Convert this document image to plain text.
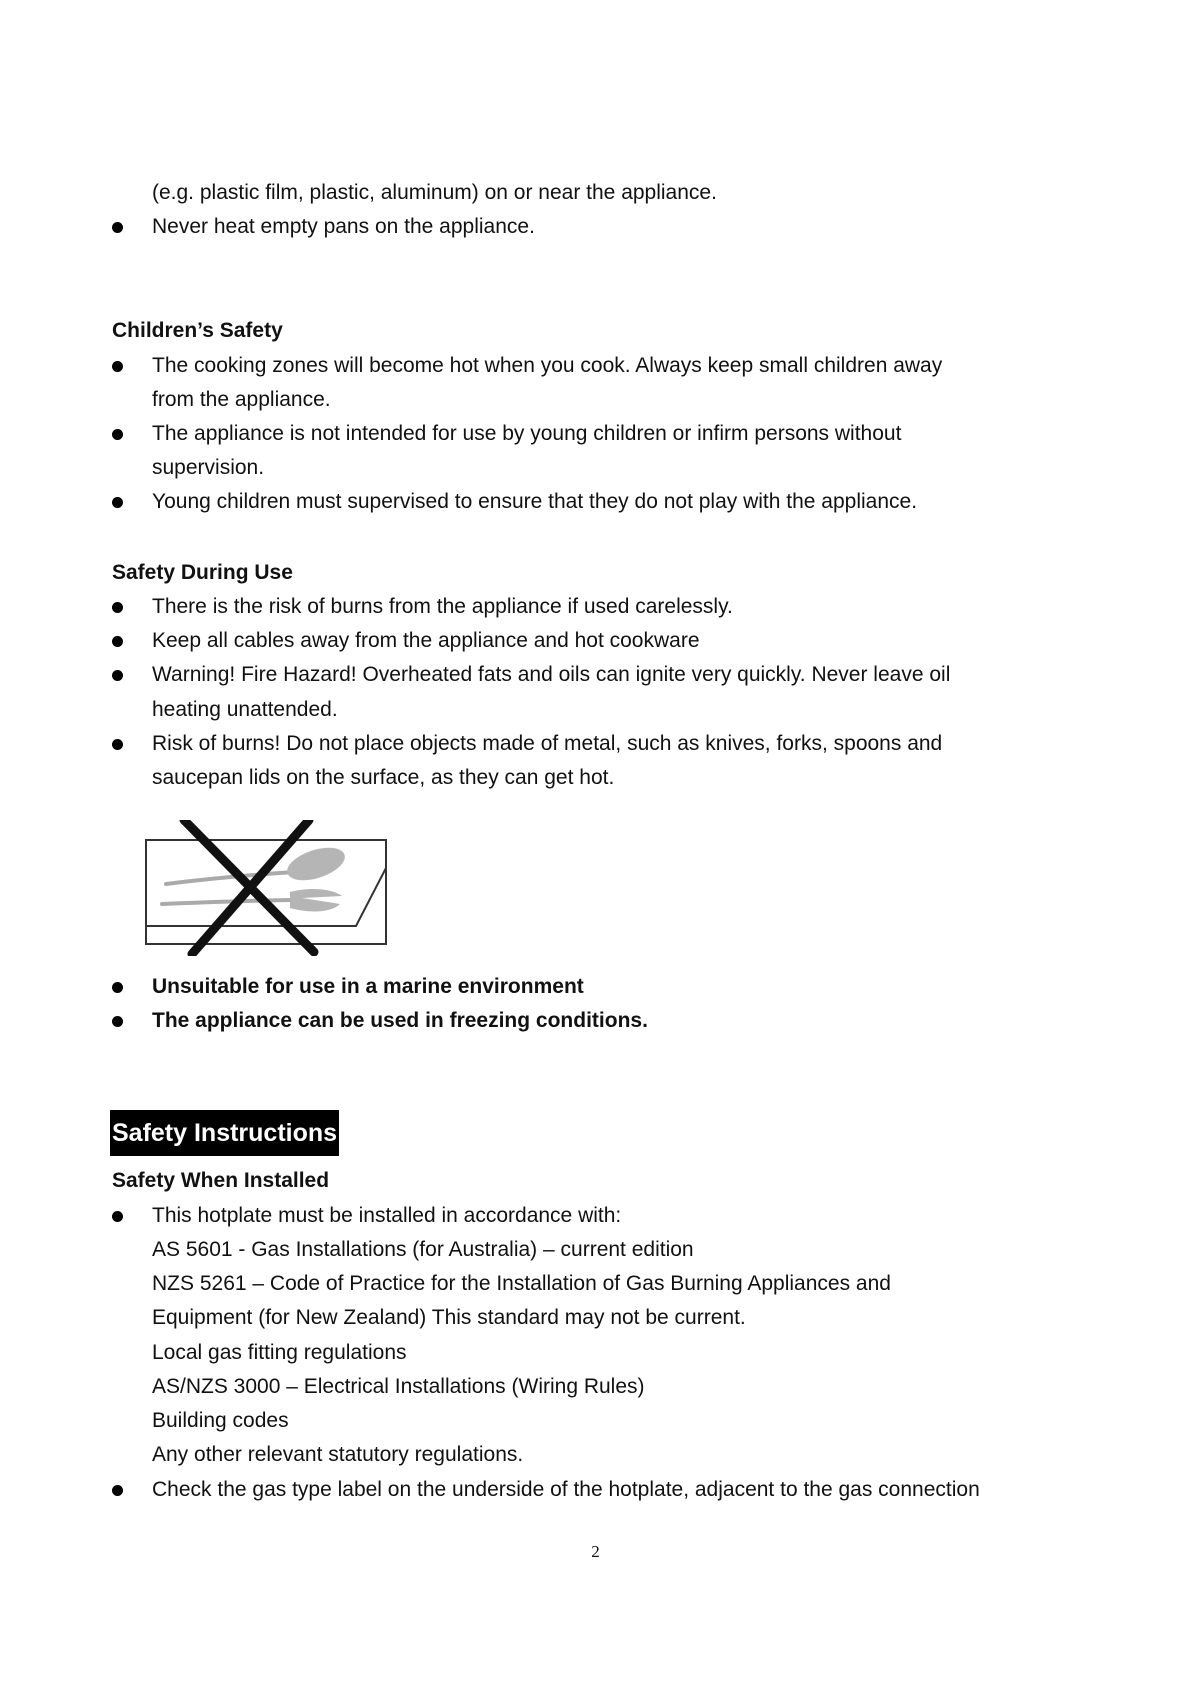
(e.g. plastic film, plastic, aluminum) on or near the appliance.
Never heat empty pans on the appliance.
Children’s Safety
The cooking zones will become hot when you cook. Always keep small children away
from the appliance.
The appliance is not intended for use by young children or infirm persons without
supervision.
Young children must supervised to ensure that they do not play with the appliance.
Safety During Use
There is the risk of burns from the appliance if used carelessly.
Keep all cables away from the appliance and hot cookware
Warning! Fire Hazard! Overheated fats and oils can ignite very quickly. Never leave oil
heating unattended.
Risk of burns! Do not place objects made of metal, such as knives, forks, spoons and
saucepan lids on the surface, as they can get hot.
Unsuitable for use in a marine environment
The appliance can be used in freezing conditions.
Safety Instructions
Safety When Installed
This hotplate must be installed in accordance with:
AS 5601 - Gas Installations (for Australia) – current edition
NZS 5261 – Code of Practice for the Installation of Gas Burning Appliances and
Equipment (for New Zealand) This standard may not be current.
Local gas fitting regulations
AS/NZS 3000 – Electrical Installations (Wiring Rules)
Building codes
Any other relevant statutory regulations.
Check the gas type label on the underside of the hotplate, adjacent to the gas connection
2
